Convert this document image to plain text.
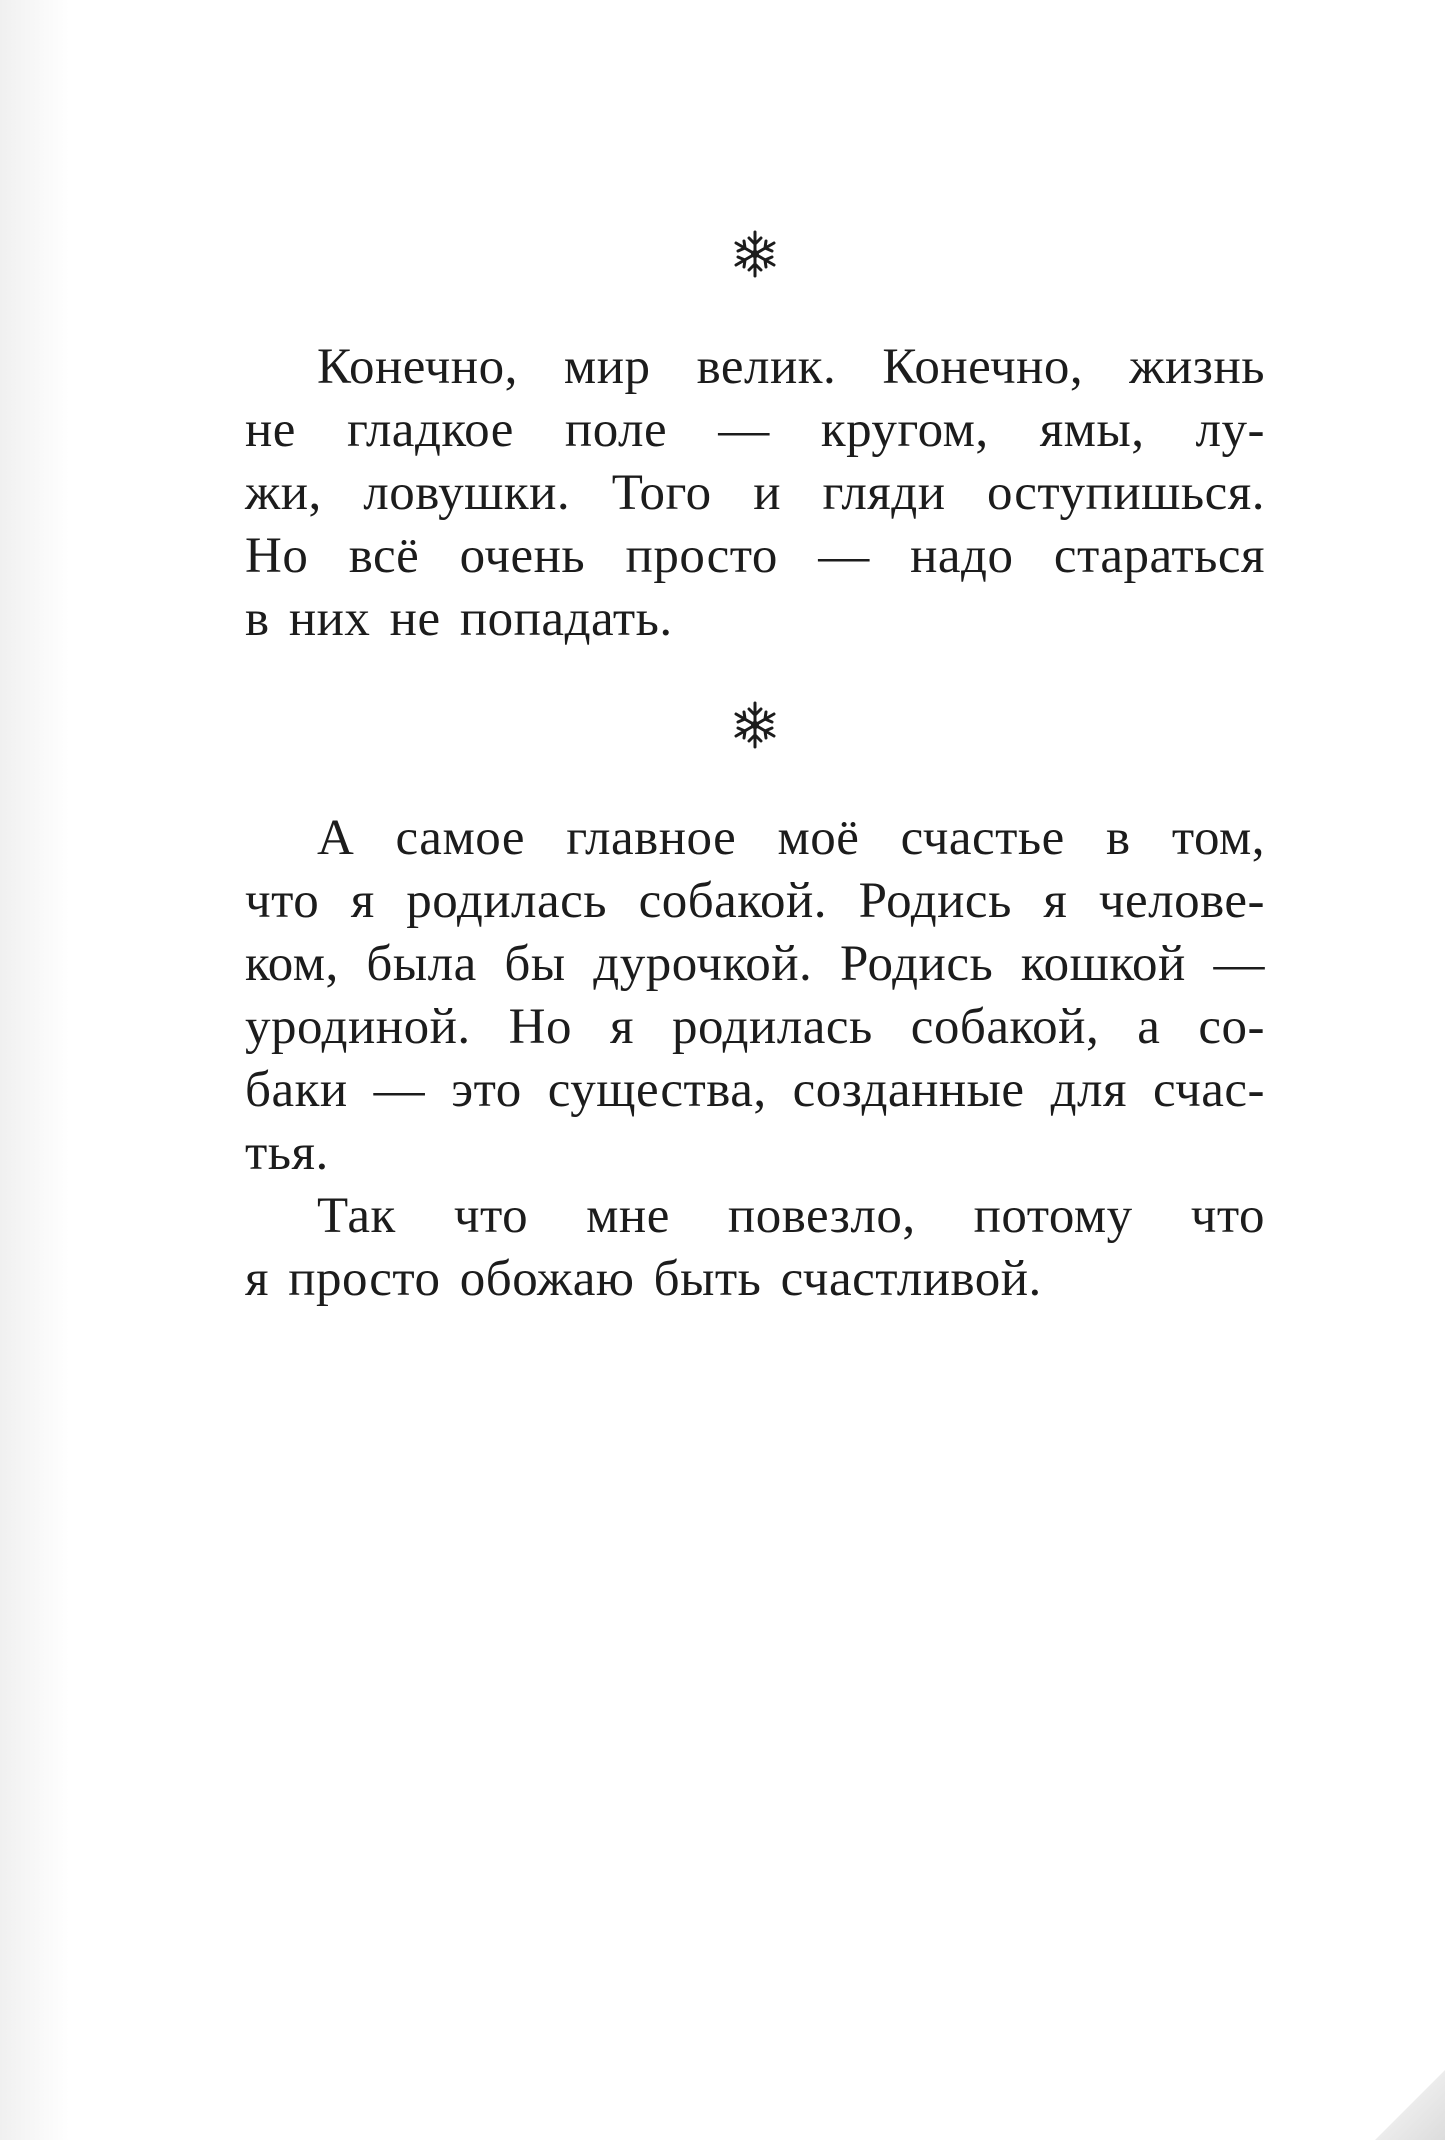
Конечно, мир велик. Конечно, жизнь
не гладкое поле — кругом, ямы, лу-
жи, ловушки. Того и гляди оступишься.
Но всё очень просто — надо стараться
в них не попадать.

А самое главное моё счастье в том,
что я родилась собакой. Родись я челове-
ком, была бы дурочкой. Родись кошкой —
уродиной. Но я родилась собакой, а со-
баки — это существа, созданные для счас-
тья.

Так что мне повезло, потому что
я просто обожаю быть счастливой.
